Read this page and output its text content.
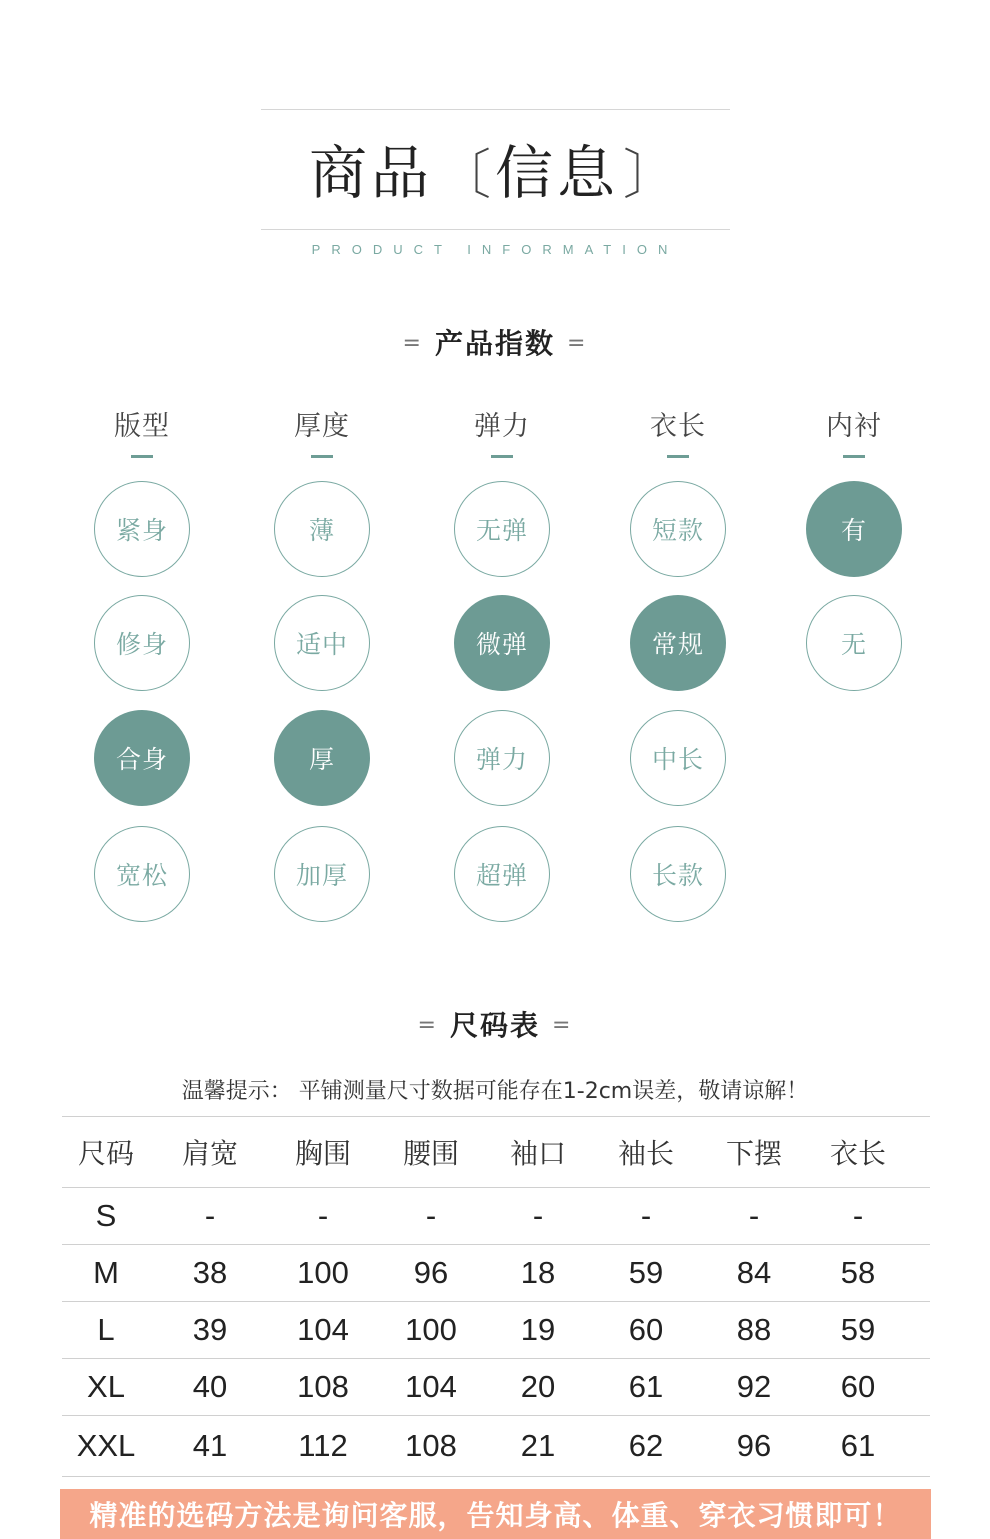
商品〔信息〕
PRODUCT INFORMATION
= 产品指数 =
版型
紧身
修身
合身
宽松
厚度
薄
适中
厚
加厚
弹力
无弹
微弹
弹力
超弹
衣长
短款
常规
中长
长款
内衬
有
无
= 尺码表 =
温馨提示： 平铺测量尺寸数据可能存在1-2cm误差，敬请谅解！
尺码	肩宽	胸围	腰围	袖口	袖长	下摆	衣长
S	-	-	-	-	-	-	-
M	38	100	96	18	59	84	58
L	39	104	100	19	60	88	59
XL	40	108	104	20	61	92	60
XXL	41	112	108	21	62	96	61
精准的选码方法是询问客服，告知身高、体重、穿衣习惯即可！
